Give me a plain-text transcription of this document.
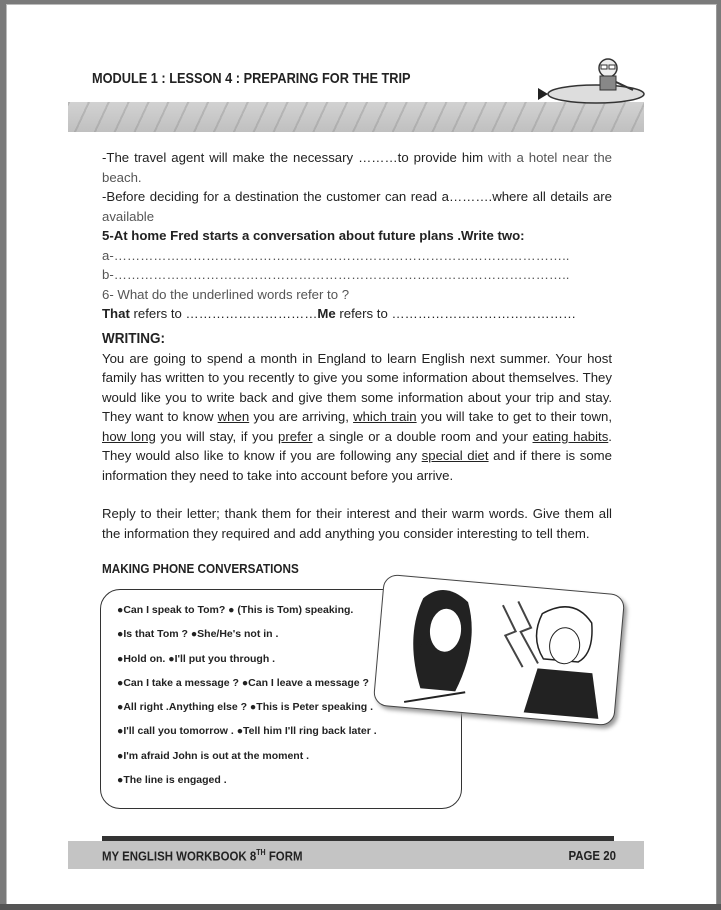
MODULE 1 : LESSON 4 : PREPARING FOR THE TRIP

-The travel agent will make the necessary ………to provide him with a hotel near the beach.

-Before deciding for a destination the customer can read a……….where all details are available

5-At home Fred starts a conversation about future plans .Write two:

a-…………………………………………………………………………………………..

b-…………………………………………………………………………………………..

6- What do the underlined words refer to ?

That refers to …………………………Me refers to ……………………………………

WRITING:

You are going to spend a month in England to learn English next summer. Your host family has written to you recently to give you some information about themselves. They would like you to write back and give them some information about your trip and stay. They want to know when you are arriving, which train you will take to get to their town, how long you will stay, if you prefer a single or a double room and your eating habits. They would also like to know if you are following any special diet and if there is some information they need to take into account before you arrive.

Reply to their letter; thank them for their interest and their warm words. Give them all the information they required and add anything you consider interesting to tell them.

MAKING PHONE CONVERSATIONS
●Can I speak to Tom? ● (This is Tom) speaking.
●Is that Tom ? ●She/He's not in .
●Hold on. ●I'll put you through .
●Can I take a message ? ●Can I leave a message ?
●All right .Anything else ? ●This is Peter speaking .
●I'll call you tomorrow . ●Tell him I'll ring back later .
●I'm afraid John is out at the moment .
●The line is engaged .
MY ENGLISH WORKBOOK 8TH FORM	PAGE 20
